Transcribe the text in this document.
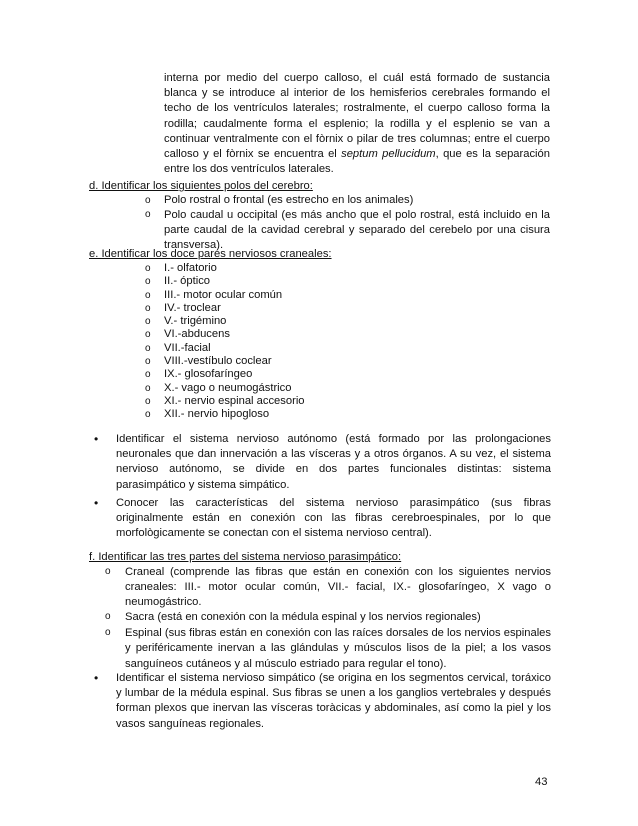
interna por medio del cuerpo calloso, el cuál está formado de sustancia blanca y se introduce al interior de los hemisferios cerebrales formando el techo de los ventrículos laterales; rostralmente, el cuerpo calloso forma la rodilla; caudalmente forma el esplenio; la rodilla y el esplenio se van a continuar ventralmente con el fòrnix o pilar de tres columnas; entre el cuerpo calloso y el fòrnix se encuentra el septum pellucidum, que es la separación entre los dos ventrículos laterales.
d. Identificar los siguientes polos del cerebro:
o Polo rostral o frontal (es estrecho en los animales)
o Polo caudal u occipital (es más ancho que el polo rostral, está incluido en la parte caudal de la cavidad cerebral y separado del cerebelo por una cisura transversa).
e. Identificar los doce pares nerviosos craneales:
o I.- olfatorio
o II.- óptico
o III.- motor ocular común
o IV.- troclear
o V.- trigémino
o VI.-abducens
o VII.-facial
o VIII.-vestíbulo coclear
o IX.- glosofaríngeo
o X.- vago o neumogástrico
o XI.- nervio espinal accesorio
o XII.- nervio hipogloso
• Identificar el sistema nervioso autónomo (está formado por las prolongaciones neuronales que dan innervación a las vísceras y a otros órganos. A su vez, el sistema nervioso autónomo, se divide en dos partes funcionales distintas: sistema parasimpático y sistema simpático.
• Conocer las características del sistema nervioso parasimpático (sus fibras originalmente están en conexión con las fibras cerebroespinales, por lo que morfològicamente se conectan con el sistema nervioso central).
f. Identificar las tres partes del sistema nervioso parasimpático:
o Craneal (comprende las fibras que están en conexión con los siguientes nervios craneales: III.- motor ocular común, VII.- facial, IX.- glosofaríngeo, X vago o neumogástrico.
o Sacra (está en conexión con la médula espinal y los nervios regionales)
o Espinal (sus fibras están en conexión con las raíces dorsales de los nervios espinales y periféricamente inervan a las glándulas y músculos lisos de la piel; a los vasos sanguíneos cutáneos y al músculo estriado para regular el tono).
• Identificar el sistema nervioso simpático (se origina en los segmentos cervical, toráxico y lumbar de la médula espinal. Sus fibras se unen a los ganglios vertebrales y después forman plexos que inervan las vísceras toràcicas y abdominales, así como la piel y los vasos sanguíneas regionales.
43
